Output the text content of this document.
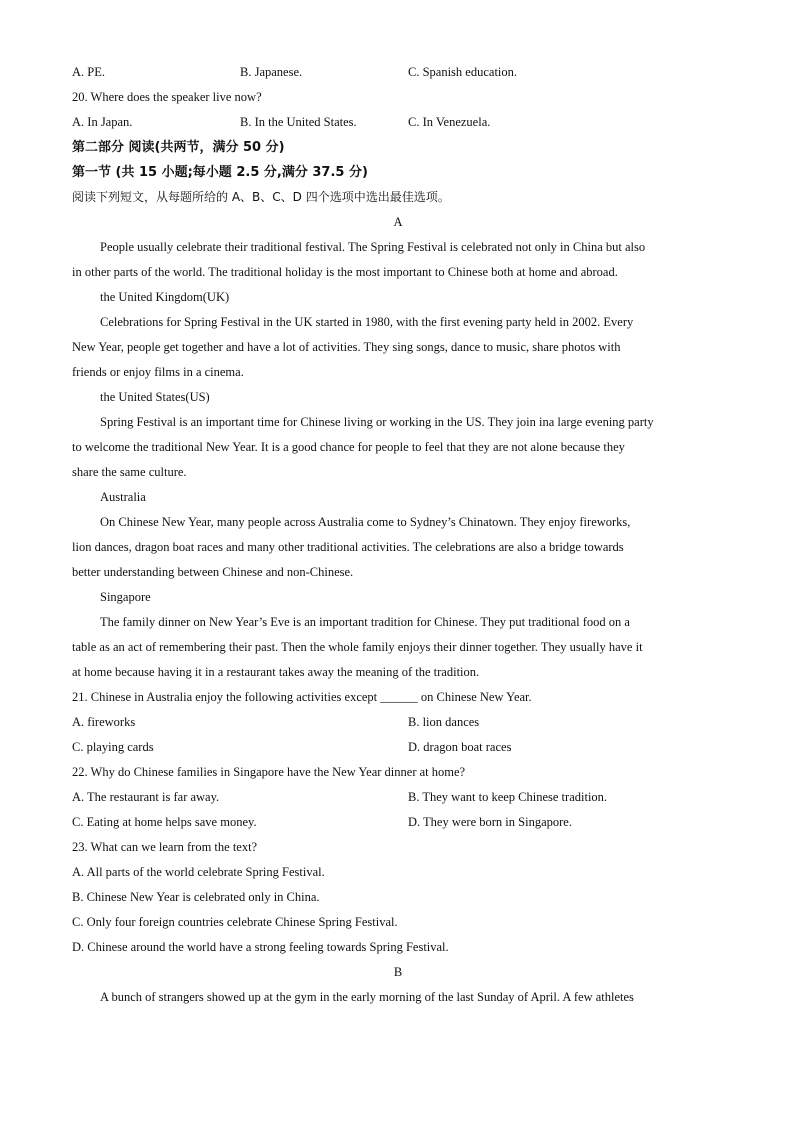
A. PE.	B. Japanese.	C. Spanish education.
20. Where does the speaker live now?
A. In Japan.	B. In the United States.	C. In Venezuela.
第二部分 阅读(共两节，满分 50 分)
第一节 (共 15 小题;每小题 2.5 分,满分 37.5 分)
阅读下列短文，从每题所给的 A、B、C、D 四个选项中选出最佳选项。
A
People usually celebrate their traditional festival. The Spring Festival is celebrated not only in China but also
in other parts of the world. The traditional holiday is the most important to Chinese both at home and abroad.
the United Kingdom(UK)
Celebrations for Spring Festival in the UK started in 1980, with the first evening party held in 2002. Every
New Year, people get together and have a lot of activities. They sing songs, dance to music, share photos with
friends or enjoy films in a cinema.
the United States(US)
Spring Festival is an important time for Chinese living or working in the US. They join ina large evening party
to welcome the traditional New Year. It is a good chance for people to feel that they are not alone because they
share the same culture.
Australia
On Chinese New Year, many people across Australia come to Sydney’s Chinatown. They enjoy fireworks,
lion dances, dragon boat races and many other traditional activities. The celebrations are also a bridge towards
better understanding between Chinese and non-Chinese.
Singapore
The family dinner on New Year’s Eve is an important tradition for Chinese. They put traditional food on a
table as an act of remembering their past. Then the whole family enjoys their dinner together. They usually have it
at home because having it in a restaurant takes away the meaning of the tradition.
21. Chinese in Australia enjoy the following activities except ______ on Chinese New Year.
A. fireworks	B. lion dances
C. playing cards	D. dragon boat races
22. Why do Chinese families in Singapore have the New Year dinner at home?
A. The restaurant is far away.	B. They want to keep Chinese tradition.
C. Eating at home helps save money.	D. They were born in Singapore.
23. What can we learn from the text?
A. All parts of the world celebrate Spring Festival.
B. Chinese New Year is celebrated only in China.
C. Only four foreign countries celebrate Chinese Spring Festival.
D. Chinese around the world have a strong feeling towards Spring Festival.
B
A bunch of strangers showed up at the gym in the early morning of the last Sunday of April. A few athletes
